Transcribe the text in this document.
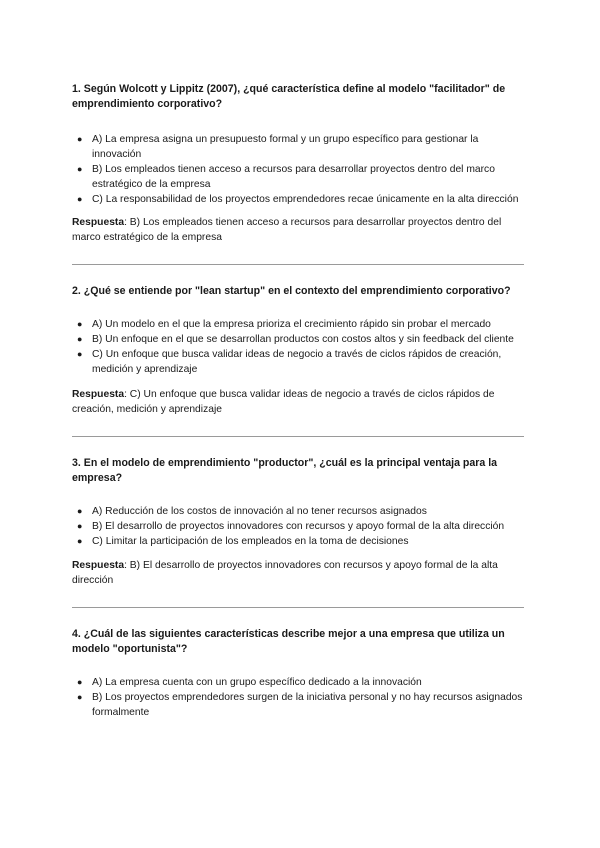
1. Según Wolcott y Lippitz (2007), ¿qué característica define al modelo "facilitador" de emprendimiento corporativo?

● A) La empresa asigna un presupuesto formal y un grupo específico para gestionar la innovación
● B) Los empleados tienen acceso a recursos para desarrollar proyectos dentro del marco estratégico de la empresa
● C) La responsabilidad de los proyectos emprendedores recae únicamente en la alta dirección

Respuesta: B) Los empleados tienen acceso a recursos para desarrollar proyectos dentro del marco estratégico de la empresa

2. ¿Qué se entiende por "lean startup" en el contexto del emprendimiento corporativo?

● A) Un modelo en el que la empresa prioriza el crecimiento rápido sin probar el mercado
● B) Un enfoque en el que se desarrollan productos con costos altos y sin feedback del cliente
● C) Un enfoque que busca validar ideas de negocio a través de ciclos rápidos de creación, medición y aprendizaje

Respuesta: C) Un enfoque que busca validar ideas de negocio a través de ciclos rápidos de creación, medición y aprendizaje

3. En el modelo de emprendimiento "productor", ¿cuál es la principal ventaja para la empresa?

● A) Reducción de los costos de innovación al no tener recursos asignados
● B) El desarrollo de proyectos innovadores con recursos y apoyo formal de la alta dirección
● C) Limitar la participación de los empleados en la toma de decisiones

Respuesta: B) El desarrollo de proyectos innovadores con recursos y apoyo formal de la alta dirección

4. ¿Cuál de las siguientes características describe mejor a una empresa que utiliza un modelo "oportunista"?

● A) La empresa cuenta con un grupo específico dedicado a la innovación
● B) Los proyectos emprendedores surgen de la iniciativa personal y no hay recursos asignados formalmente
